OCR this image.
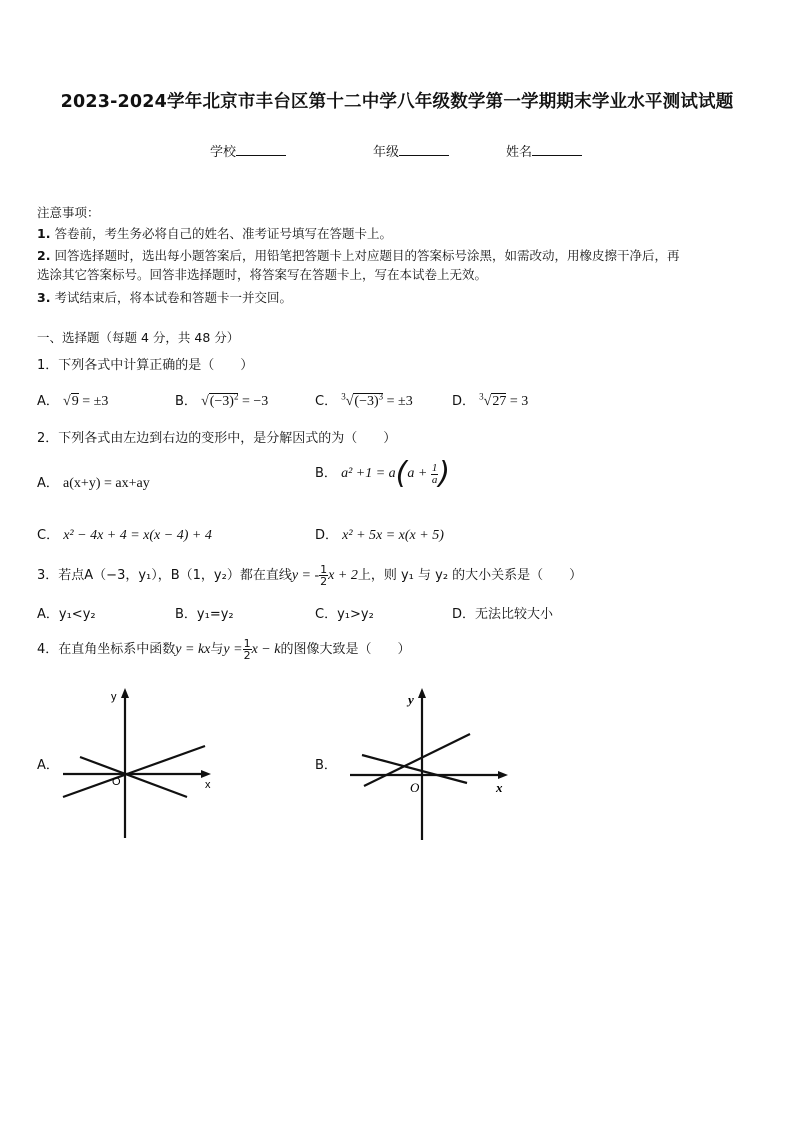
2023-2024学年北京市丰台区第十二中学八年级数学第一学期期末学业水平测试试题
学校	年级	姓名
注意事项：
1. 答卷前，考生务必将自己的姓名、准考证号填写在答题卡上。
2. 回答选择题时，选出每小题答案后，用铅笔把答题卡上对应题目的答案标号涂黑，如需改动，用橡皮擦干净后，再
选涂其它答案标号。回答非选择题时，将答案写在答题卡上，写在本试卷上无效。
3. 考试结束后，将本试卷和答题卡一并交回。
一、选择题（每题 4 分，共 48 分）
1．下列各式中计算正确的是（　　）
A． √9 = ±3	B． $√(-3)^2 = -3$	C． $^3√(-3)^3 = \pm 3$	D． $^3$√27 = 3
2．下列各式由左边到右边的变形中，是分解因式的为（　　）
A． a(x+y) = ax+ay
B． $a^2 +1 = a(a + \frac{1}{a}$ )
C． x² − 4x + 4 = x(x − 4) + 4	D． x² + 5x = x(x + 5)
3．若点A（−3，y₁），B（1，y₂）都在直线y = - $\frac{1}{2}$ x + 2上，则 y₁ 与 y₂ 的大小关系是（　　）
A．y₁<y₂	B．y₁=y₂	C．y₁>y₂	D．无法比较大小
4．在直角坐标系中函数y = kx与$y = \frac{1}{2}$ x − k的图像大致是（　　）
A．	B．
y
x
O
y
x
O
